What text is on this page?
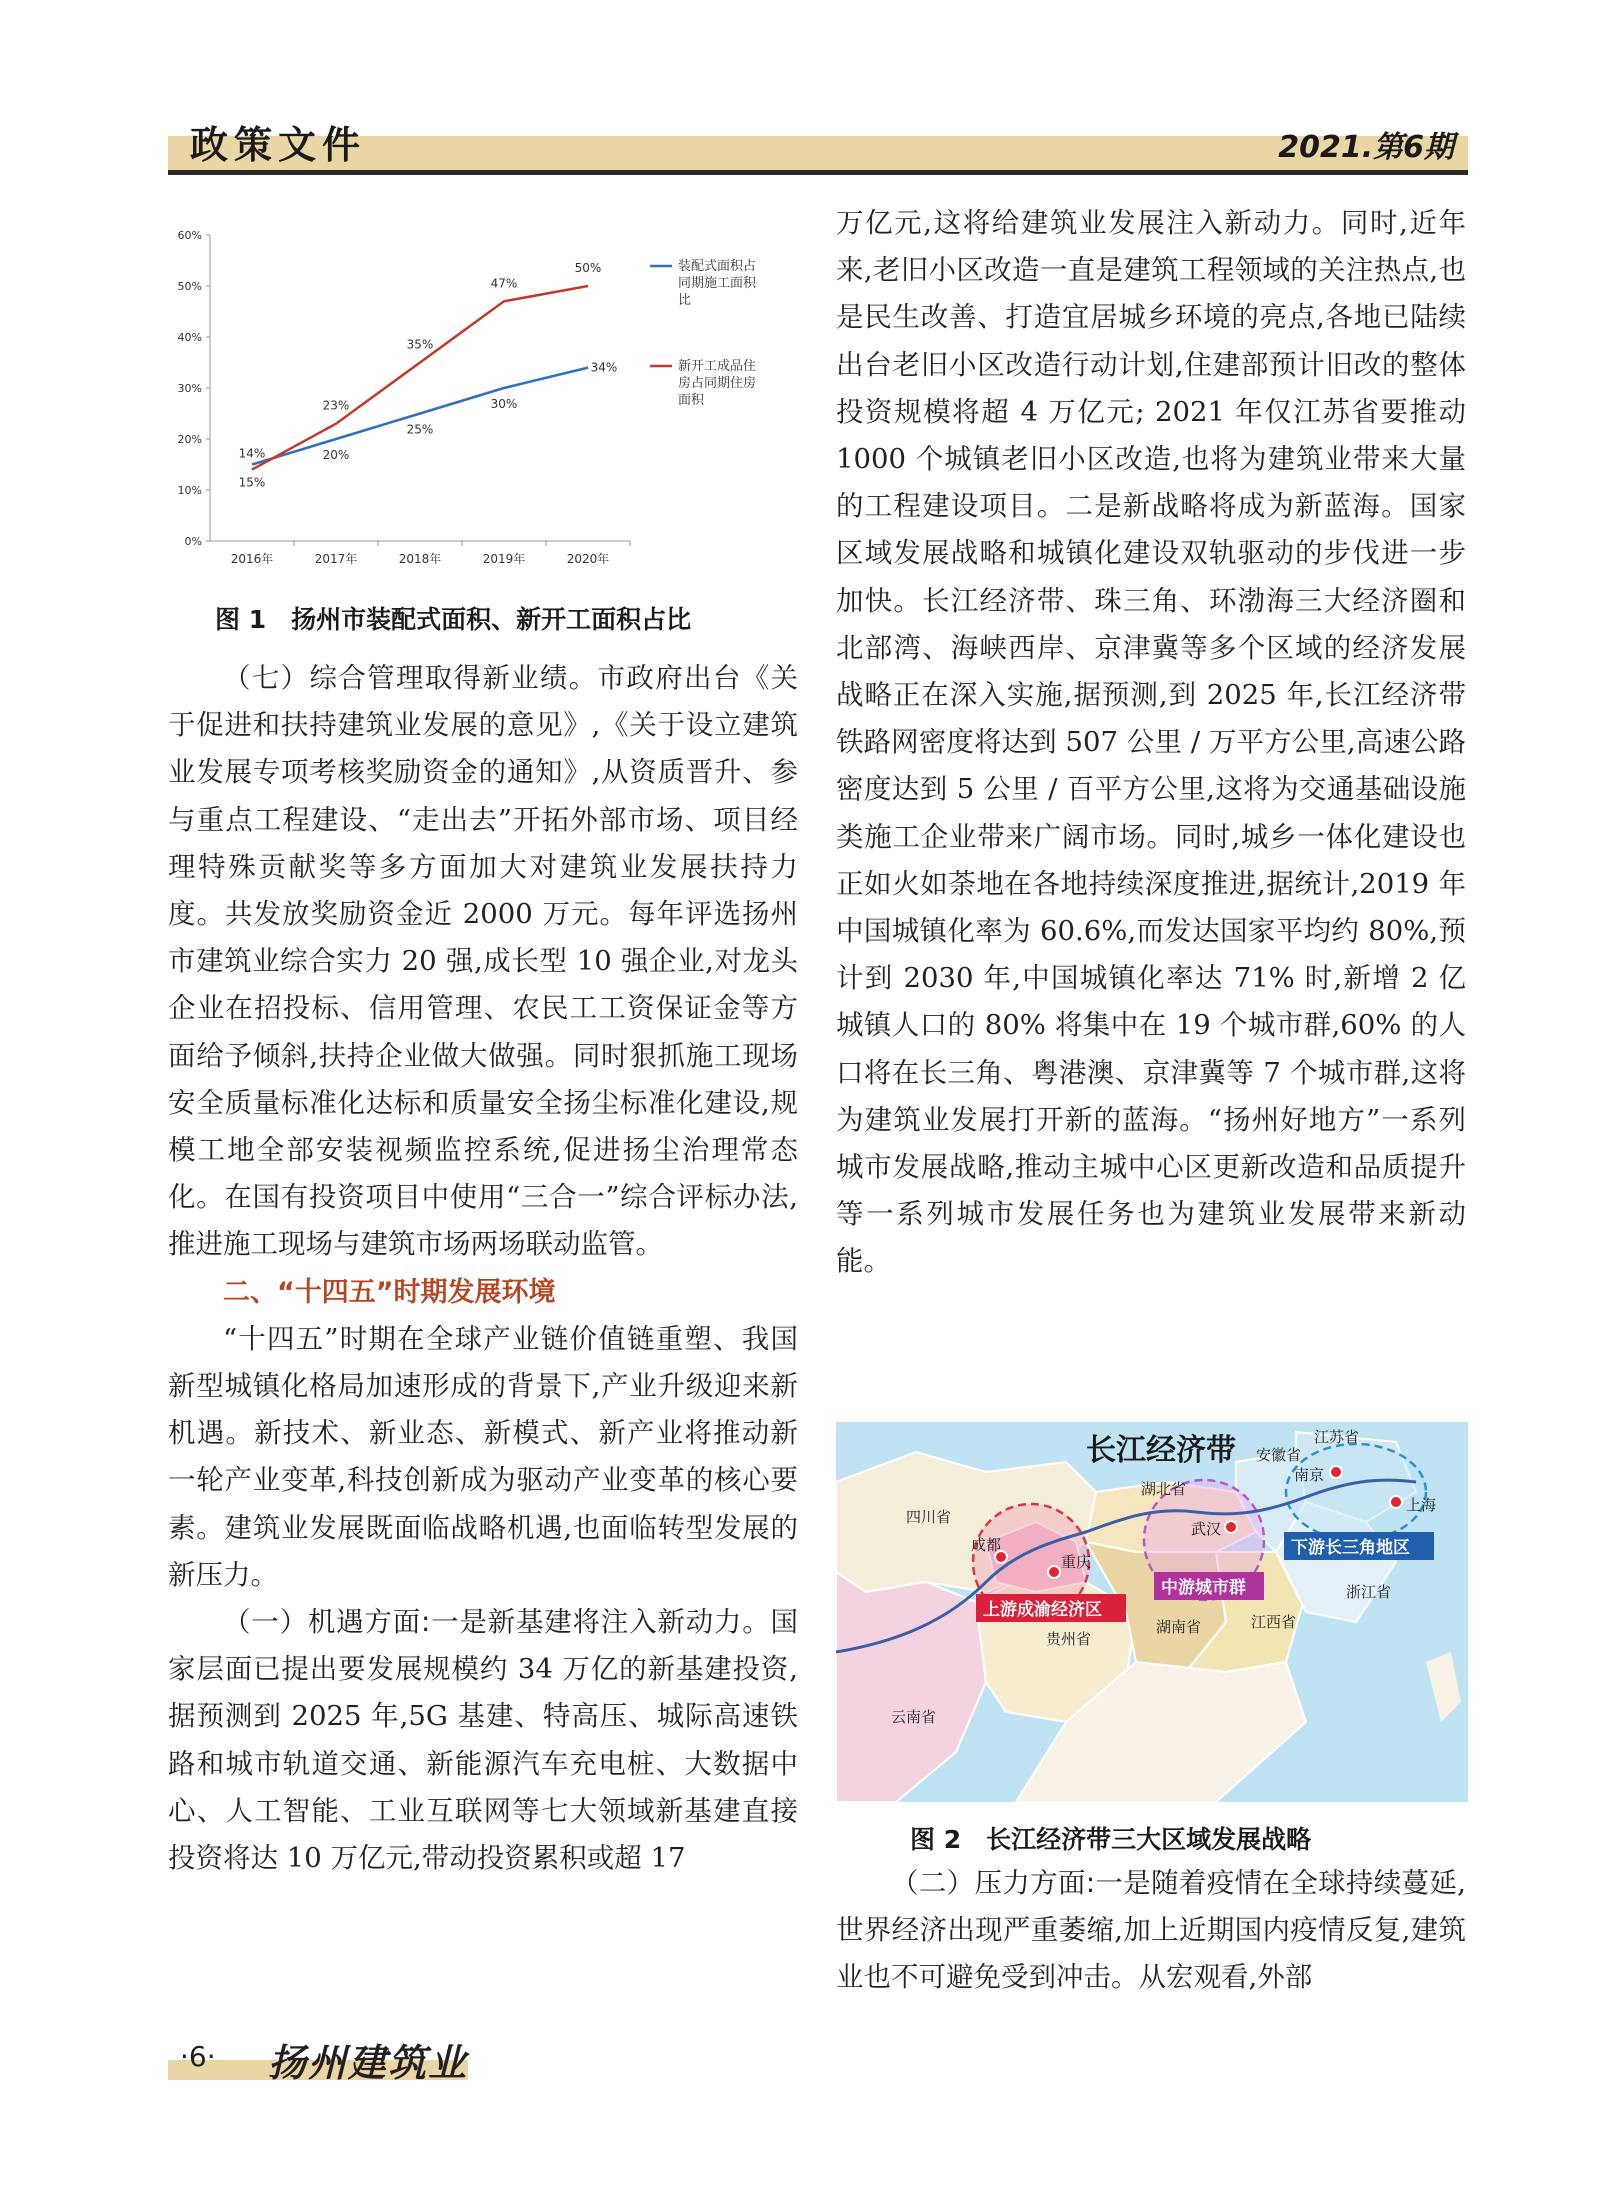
政策文件	2021.第6期
0%
10%
20%
30%
40%
50%
60%
2016年	2017年	2018年	2019年	2020年
15%
20%
25%
30%
34%
14%
23%
35%
47%
50%	装配式面积占
同期施工面积
比
新开工成品住
房占同期住房
面积
图 1　扬州市装配式面积、新开工面积占比

（七）综合管理取得新业绩。市政府出台《关于促进和扶持建筑业发展的意见》,《关于设立建筑业发展专项考核奖励资金的通知》,从资质晋升、参与重点工程建设、“走出去”开拓外部市场、项目经理特殊贡献奖等多方面加大对建筑业发展扶持力度。共发放奖励资金近 2000 万元。每年评选扬州市建筑业综合实力 20 强,成长型 10 强企业,对龙头企业在招投标、信用管理、农民工工资保证金等方面给予倾斜,扶持企业做大做强。同时狠抓施工现场安全质量标准化达标和质量安全扬尘标准化建设,规模工地全部安装视频监控系统,促进扬尘治理常态化。在国有投资项目中使用“三合一”综合评标办法,推进施工现场与建筑市场两场联动监管。

二、“十四五”时期发展环境

“十四五”时期在全球产业链价值链重塑、我国新型城镇化格局加速形成的背景下,产业升级迎来新机遇。新技术、新业态、新模式、新产业将推动新一轮产业变革,科技创新成为驱动产业变革的核心要素。建筑业发展既面临战略机遇,也面临转型发展的新压力。

（一）机遇方面:一是新基建将注入新动力。国家层面已提出要发展规模约 34 万亿的新基建投资,据预测到 2025 年,5G 基建、特高压、城际高速铁路和城市轨道交通、新能源汽车充电桩、大数据中心、人工智能、工业互联网等七大领域新基建直接投资将达 10 万亿元,带动投资累积或超 17

万亿元,这将给建筑业发展注入新动力。同时,近年来,老旧小区改造一直是建筑工程领域的关注热点,也是民生改善、打造宜居城乡环境的亮点,各地已陆续出台老旧小区改造行动计划,住建部预计旧改的整体投资规模将超 4 万亿元; 2021 年仅江苏省要推动 1000 个城镇老旧小区改造,也将为建筑业带来大量的工程建设项目。二是新战略将成为新蓝海。国家区域发展战略和城镇化建设双轨驱动的步伐进一步加快。长江经济带、珠三角、环渤海三大经济圈和北部湾、海峡西岸、京津冀等多个区域的经济发展战略正在深入实施,据预测,到 2025 年,长江经济带铁路网密度将达到 507 公里 / 万平方公里,高速公路密度达到 5 公里 / 百平方公里,这将为交通基础设施类施工企业带来广阔市场。同时,城乡一体化建设也正如火如荼地在各地持续深度推进,据统计,2019 年中国城镇化率为 60.6%,而发达国家平均约 80%,预计到 2030 年,中国城镇化率达 71% 时,新增 2 亿城镇人口的 80% 将集中在 19 个城市群,60% 的人口将在长三角、粤港澳、京津冀等 7 个城市群,这将为建筑业发展打开新的蓝海。“扬州好地方”一系列城市发展战略,推动主城中心区更新改造和品质提升等一系列城市发展任务也为建筑业发展带来新动能。

长江经济带
四川省
贵州省
云南省
湖北省
湖南省	江西省
安徽省
江苏省
浙江省
成都
重庆
武汉
南京
上海
上游成渝经济区
中游城市群
下游长三角地区
图 2　长江经济带三大区域发展战略

（二）压力方面:一是随着疫情在全球持续蔓延,世界经济出现严重萎缩,加上近期国内疫情反复,建筑业也不可避免受到冲击。从宏观看,外部

·6· 扬州建筑业
